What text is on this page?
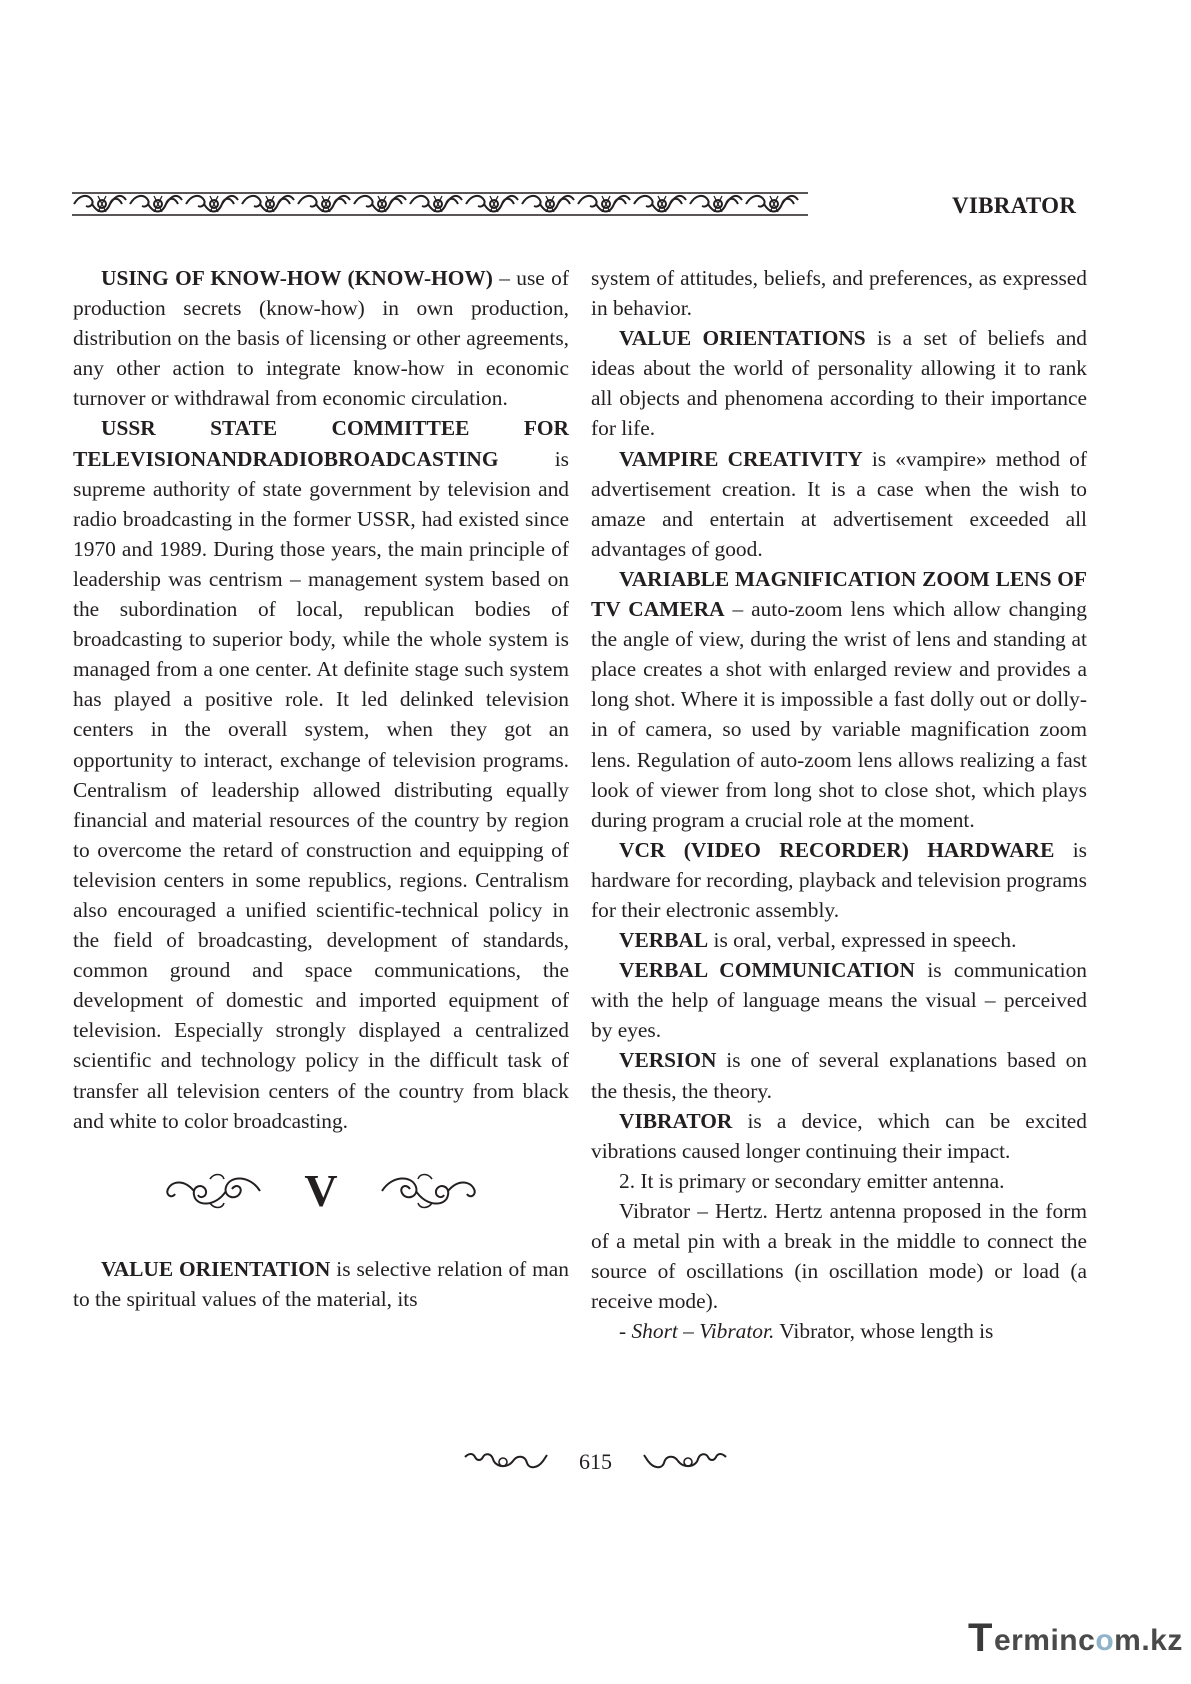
VIBRATOR

USING OF KNOW-HOW (KNOW-HOW) – use of production secrets (know-how) in own production, distribution on the basis of licensing or other agreements, any other action to integrate know-how in economic turnover or withdrawal from economic circulation.

USSR STATE COMMITTEE FOR TELEVISIONANDRADIOBROADCASTING is supreme authority of state government by television and radio broadcasting in the former USSR, had existed since 1970 and 1989. During those years, the main principle of leadership was centrism – management system based on the subordination of local, republican bodies of broadcasting to superior body, while the whole system is managed from a one center. At definite stage such system has played a positive role. It led delinked television centers in the overall system, when they got an opportunity to interact, exchange of television programs. Centralism of leadership allowed distributing equally financial and material resources of the country by region to overcome the retard of construction and equipping of television centers in some republics, regions. Centralism also encouraged a unified scientific-technical policy in the field of broadcasting, development of standards, common ground and space communications, the development of domestic and imported equipment of television. Especially strongly displayed a centralized scientific and technology policy in the difficult task of transfer all television centers of the country from black and white to color broadcasting.

V

VALUE ORIENTATION is selective relation of man to the spiritual values of the material, its

system of attitudes, beliefs, and preferences, as expressed in behavior.

VALUE ORIENTATIONS is a set of beliefs and ideas about the world of personality allowing it to rank all objects and phenomena according to their importance for life.

VAMPIRE CREATIVITY is «vampire» method of advertisement creation. It is a case when the wish to amaze and entertain at advertisement exceeded all advantages of good.

VARIABLE MAGNIFICATION ZOOM LENS OF TV CAMERA – auto-zoom lens which allow changing the angle of view, during the wrist of lens and standing at place creates a shot with enlarged review and provides a long shot. Where it is impossible a fast dolly out or dolly-in of camera, so used by variable magnification zoom lens. Regulation of auto-zoom lens allows realizing a fast look of viewer from long shot to close shot, which plays during program a crucial role at the moment.

VCR (VIDEO RECORDER) HARDWARE is hardware for recording, playback and television programs for their electronic assembly.

VERBAL is oral, verbal, expressed in speech.

VERBAL COMMUNICATION is communication with the help of language means the visual – perceived by eyes.

VERSION is one of several explanations based on the thesis, the theory.

VIBRATOR is a device, which can be excited vibrations caused longer continuing their impact.

2. It is primary or secondary emitter antenna.

Vibrator – Hertz. Hertz antenna proposed in the form of a metal pin with a break in the middle to connect the source of oscillations (in oscillation mode) or load (a receive mode).

- Short – Vibrator. Vibrator, whose length is

615
T erminc o m.kz
